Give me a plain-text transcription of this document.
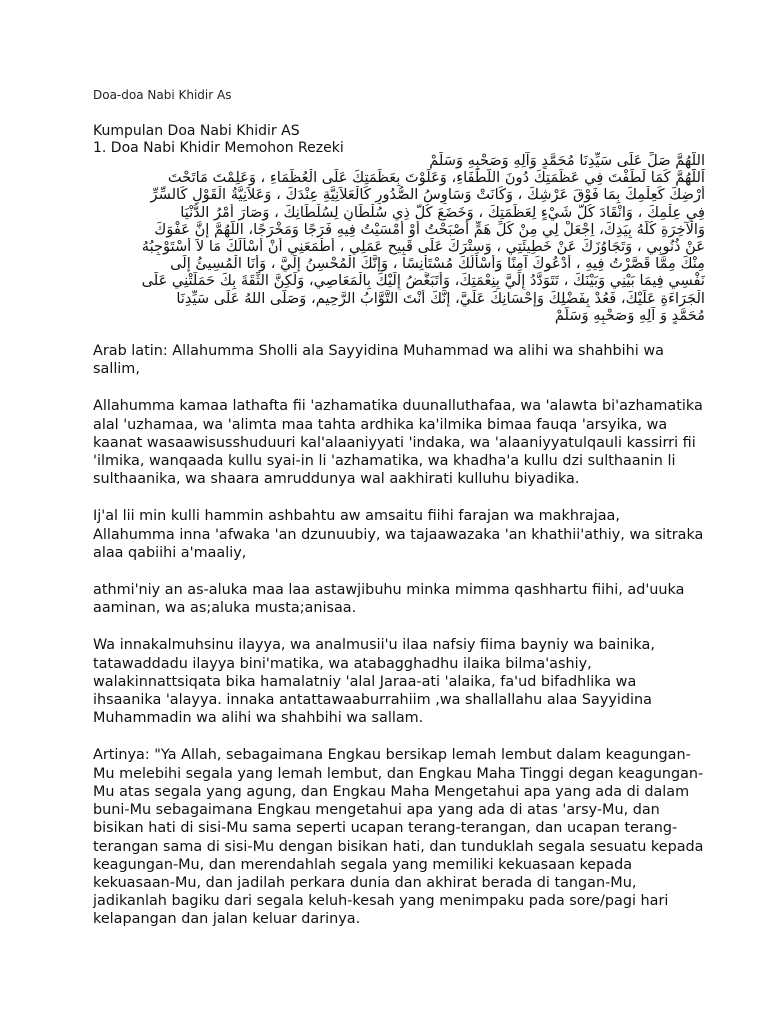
Doa-doa Nabi Khidir As

Kumpulan Doa Nabi Khidir AS

1. Doa Nabi Khidir Memohon Rezeki

اللَّهُمَّ صَلِّ عَلَى سَيِّدِنَا مُحَمَّدٍ وَآلِهِ وَصَحْبِهِ وَسَلِّمْ
اَللّٰهُمَّ كَمَا لَطَفْتَ فِي عَظَمَتِكَ دُونَ اللُّطَفَاءِ، وَعَلَوْتَ بِعَظَمَتِكَ عَلَى الْعُظَمَاءِ ، وَعَلِمْتَ مَاتَحْتَ
أَرْضِكَ كَعِلْمِكَ بِمَا فَوْقَ عَرْشِكَ ، وَكَانَتْ وَسَاوِسُ الصُّدُورِ كَالْعَلاَنِيَّةِ عِنْدَكَ ، وَعَلاَنِيَّةُ الْقَوْلِ كَالسِّرِّ
فِي عِلْمِكَ ، وَانْقَادَ كُلُّ شَيْءٍ لِعَظَمَتِكَ ، وَخَضَعَ كُلُّ ذِي سُلْطَانٍ لِسُلْطَانِكَ ، وَصَارَ أَمْرُ الدُّنْيَا
وَالْآخِرَةِ كُلُّهُ بِيَدِكَ، اِجْعَلْ لِي مِنْ كُلِّ هَمٍّ أَصْبَحْتُ أَوْ أَمْسَيْتُ فِيهِ فَرَجًا وَمَخْرَجًا، اللَّهُمَّ إِنَّ عَفْوَكَ
عَنْ ذُنُوبِي ، وَتَجَاوُزَكَ عَنْ خَطِيئَتِي ، وَسِتْرَكَ عَلَى قَبِيحِ عَمَلِي ، أَطْمَعَنِي أَنْ أَسْأَلَكَ مَا لاَ أَسْتَوْجِبُهُ
مِنْكَ مِمَّا قَصَّرْتُ فِيهِ ، أَدْعُوكَ آمِنًا وَأَسْأَلُكَ مُسْتَأْنِسًا ، وَإِنَّكَ الْمُحْسِنُ إِلَيَّ ، وَأَنَا الْمُسِيئُ إِلَى
نَفْسِي فِيمَا بَيْنِي وَبَيْنَكَ ، تَتَوَدَّدُ إِلَيَّ بِنِعْمَتِكَ، وَأَتَبَغَّضُ إِلَيْكَ بِالْمَعَاصِي، وَلَكِنَّ الثِّقَةَ بِكَ حَمَلَتْنِي عَلَى
الْجَرَاءَةِ عَلَيْكَ، فَعُدْ بِفَضْلِكَ وَإِحْسَانِكَ عَلَيَّ، إِنَّكَ أَنْتَ التَّوَّابُ الرَّحِيمِ، وَصَلَّى اللهُ عَلَى سَيِّدِنَا
مُحَمَّدٍ وَ آلِهِ وَصَحْبِهِ وَسَلَّمْ

Arab latin: Allahumma Sholli ala Sayyidina Muhammad wa alihi wa shahbihi wa sallim,

Allahumma kamaa lathafta fii 'azhamatika duunalluthafaa, wa 'alawta bi'azhamatika alal 'uzhamaa, wa 'alimta maa tahta ardhika ka'ilmika bimaa fauqa 'arsyika, wa kaanat wasaawisusshuduuri kal'alaaniyyati 'indaka, wa 'alaaniyyatulqauli kassirri fii 'ilmika, wanqaada kullu syai-in li 'azhamatika, wa khadha'a kullu dzi sulthaanin li sulthaanika, wa shaara amruddunya wal aakhirati kulluhu biyadika.

Ij'al lii min kulli hammin ashbahtu aw amsaitu fiihi farajan wa makhrajaa, Allahumma inna 'afwaka 'an dzunuubiy, wa tajaawazaka 'an khathii'athiy, wa sitraka alaa qabiihi a'maaliy,

athmi'niy an as-aluka maa laa astawjibuhu minka mimma qashhartu fiihi, ad'uuka aaminan, wa as;aluka musta;anisaa.

Wa innakalmuhsinu ilayya, wa analmusii'u ilaa nafsiy fiima bayniy wa bainika, tatawaddadu ilayya bini'matika, wa atabagghadhu ilaika bilma'ashiy, walakinnattsiqata bika hamalatniy 'alal Jaraa-ati 'alaika, fa'ud bifadhlika wa ihsaanika 'alayya. innaka antattawaaburrahiim ,wa shallallahu alaa Sayyidina Muhammadin wa alihi wa shahbihi wa sallam.

Artinya: "Ya Allah, sebagaimana Engkau bersikap lemah lembut dalam keagungan-Mu melebihi segala yang lemah lembut, dan Engkau Maha Tinggi degan keagungan-Mu atas segala yang agung, dan Engkau Maha Mengetahui apa yang ada di dalam buni-Mu sebagaimana Engkau mengetahui apa yang ada di atas 'arsy-Mu, dan bisikan hati di sisi-Mu sama seperti ucapan terang-terangan, dan ucapan terang-terangan sama di sisi-Mu dengan bisikan hati, dan tunduklah segala sesuatu kepada keagungan-Mu, dan merendahlah segala yang memiliki kekuasaan kepada kekuasaan-Mu, dan jadilah perkara dunia dan akhirat berada di tangan-Mu, jadikanlah bagiku dari segala keluh-kesah yang menimpaku pada sore/pagi hari kelapangan dan jalan keluar darinya.
